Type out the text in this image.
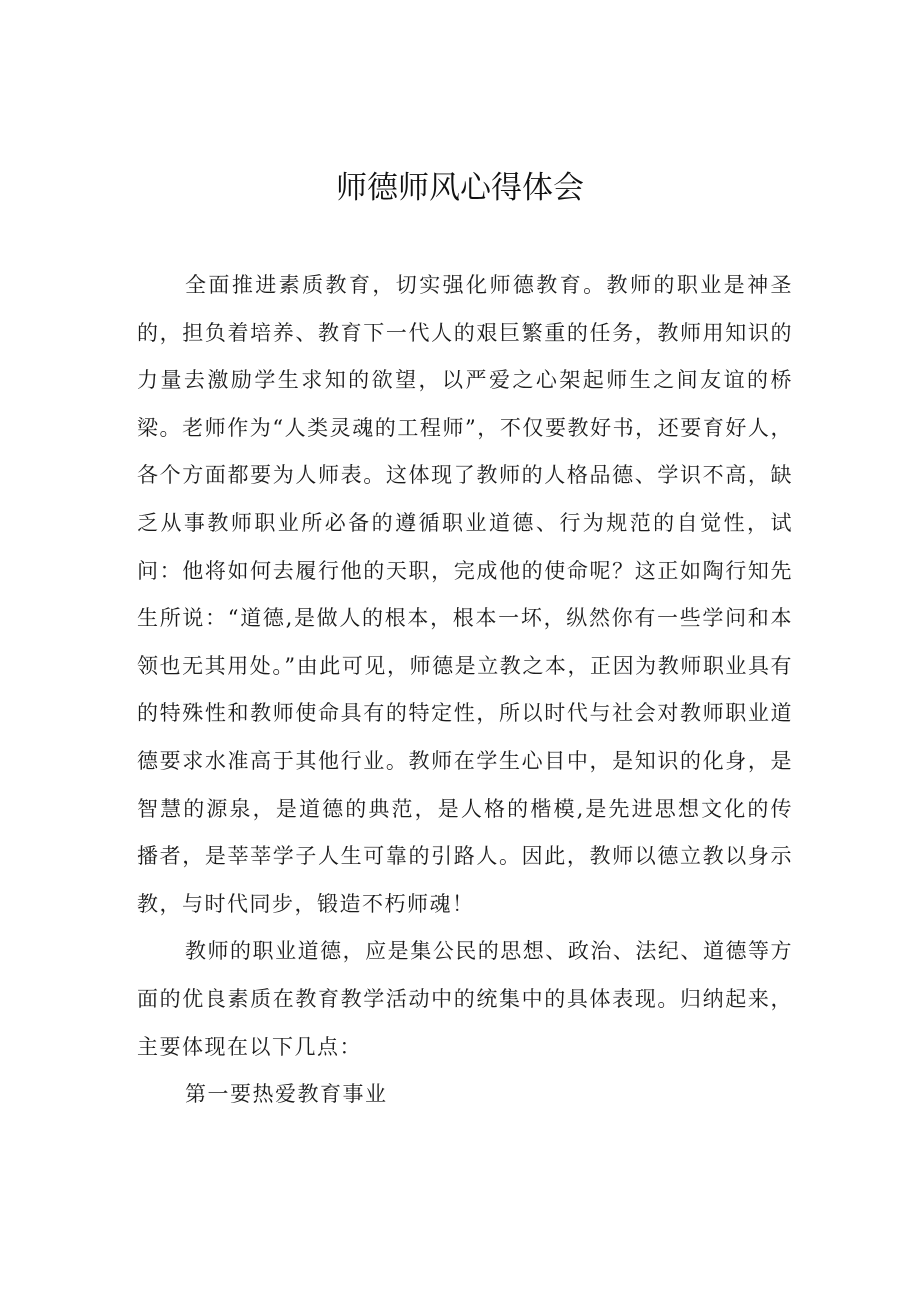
师德师风心得体会

全面推进素质教育，切实强化师德教育。教师的职业是神圣的，担负着培养、教育下一代人的艰巨繁重的任务，教师用知识的力量去激励学生求知的欲望，以严爱之心架起师生之间友谊的桥梁。老师作为“人类灵魂的工程师”，不仅要教好书，还要育好人，各个方面都要为人师表。这体现了教师的人格品德、学识不高，缺乏从事教师职业所必备的遵循职业道德、行为规范的自觉性，试问：他将如何去履行他的天职，完成他的使命呢？这正如陶行知先生所说：“道德,是做人的根本，根本一坏，纵然你有一些学问和本领也无其用处。”由此可见，师德是立教之本，正因为教师职业具有的特殊性和教师使命具有的特定性，所以时代与社会对教师职业道德要求水准高于其他行业。教师在学生心目中，是知识的化身，是智慧的源泉，是道德的典范，是人格的楷模,是先进思想文化的传播者，是莘莘学子人生可靠的引路人。因此，教师以德立教以身示教，与时代同步，锻造不朽师魂！

教师的职业道德，应是集公民的思想、政治、法纪、道德等方面的优良素质在教育教学活动中的统集中的具体表现。归纳起来，主要体现在以下几点：

第一要热爱教育事业
